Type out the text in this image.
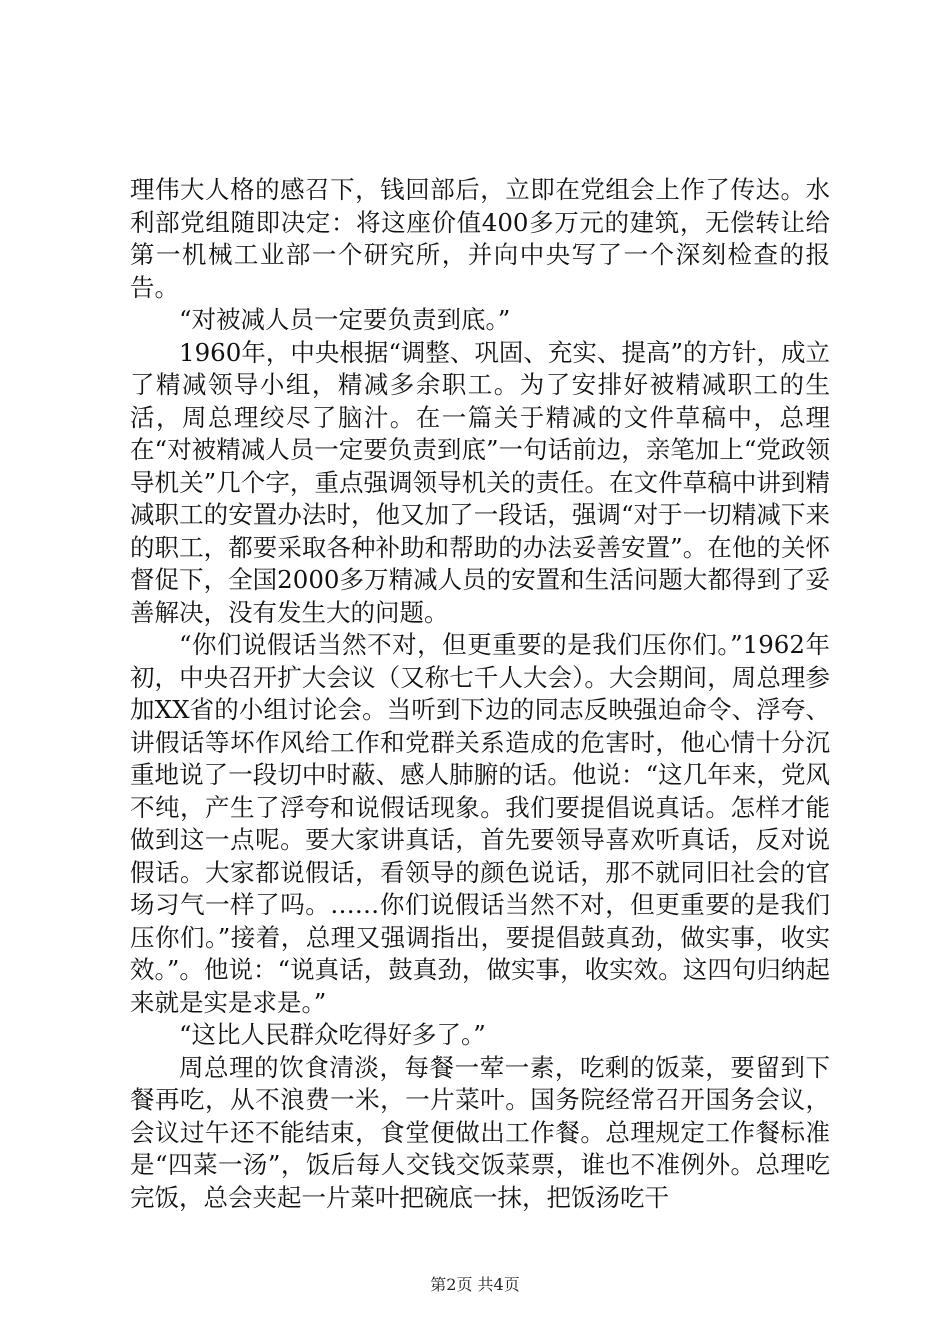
理伟大人格的感召下，钱回部后，立即在党组会上作了传达。水利部党组随即决定：将这座价值400多万元的建筑，无偿转让给第一机械工业部一个研究所，并向中央写了一个深刻检查的报告。

“对被减人员一定要负责到底。”

1960年，中央根据“调整、巩固、充实、提高”的方针，成立了精减领导小组，精减多余职工。为了安排好被精减职工的生活，周总理绞尽了脑汁。在一篇关于精减的文件草稿中，总理在“对被精减人员一定要负责到底”一句话前边，亲笔加上“党政领导机关”几个字，重点强调领导机关的责任。在文件草稿中讲到精减职工的安置办法时，他又加了一段话，强调“对于一切精减下来的职工，都要采取各种补助和帮助的办法妥善安置”。在他的关怀督促下，全国2000多万精减人员的安置和生活问题大都得到了妥善解决，没有发生大的问题。

“你们说假话当然不对，但更重要的是我们压你们。”1962年初，中央召开扩大会议（又称七千人大会）。大会期间，周总理参加XX省的小组讨论会。当听到下边的同志反映强迫命令、浮夸、讲假话等坏作风给工作和党群关系造成的危害时，他心情十分沉重地说了一段切中时蔽、感人肺腑的话。他说：“这几年来，党风不纯，产生了浮夸和说假话现象。我们要提倡说真话。怎样才能做到这一点呢。要大家讲真话，首先要领导喜欢听真话，反对说假话。大家都说假话，看领导的颜色说话，那不就同旧社会的官场习气一样了吗。……你们说假话当然不对，但更重要的是我们压你们。”接着，总理又强调指出，要提倡鼓真劲，做实事，收实效。”。他说：“说真话，鼓真劲，做实事，收实效。这四句归纳起来就是实是求是。”

“这比人民群众吃得好多了。”

周总理的饮食清淡，每餐一荤一素，吃剩的饭菜，要留到下餐再吃，从不浪费一米，一片菜叶。国务院经常召开国务会议，会议过午还不能结束，食堂便做出工作餐。总理规定工作餐标准是“四菜一汤”，饭后每人交钱交饭菜票，谁也不准例外。总理吃完饭，总会夹起一片菜叶把碗底一抹，把饭汤吃干

第2页 共4页
